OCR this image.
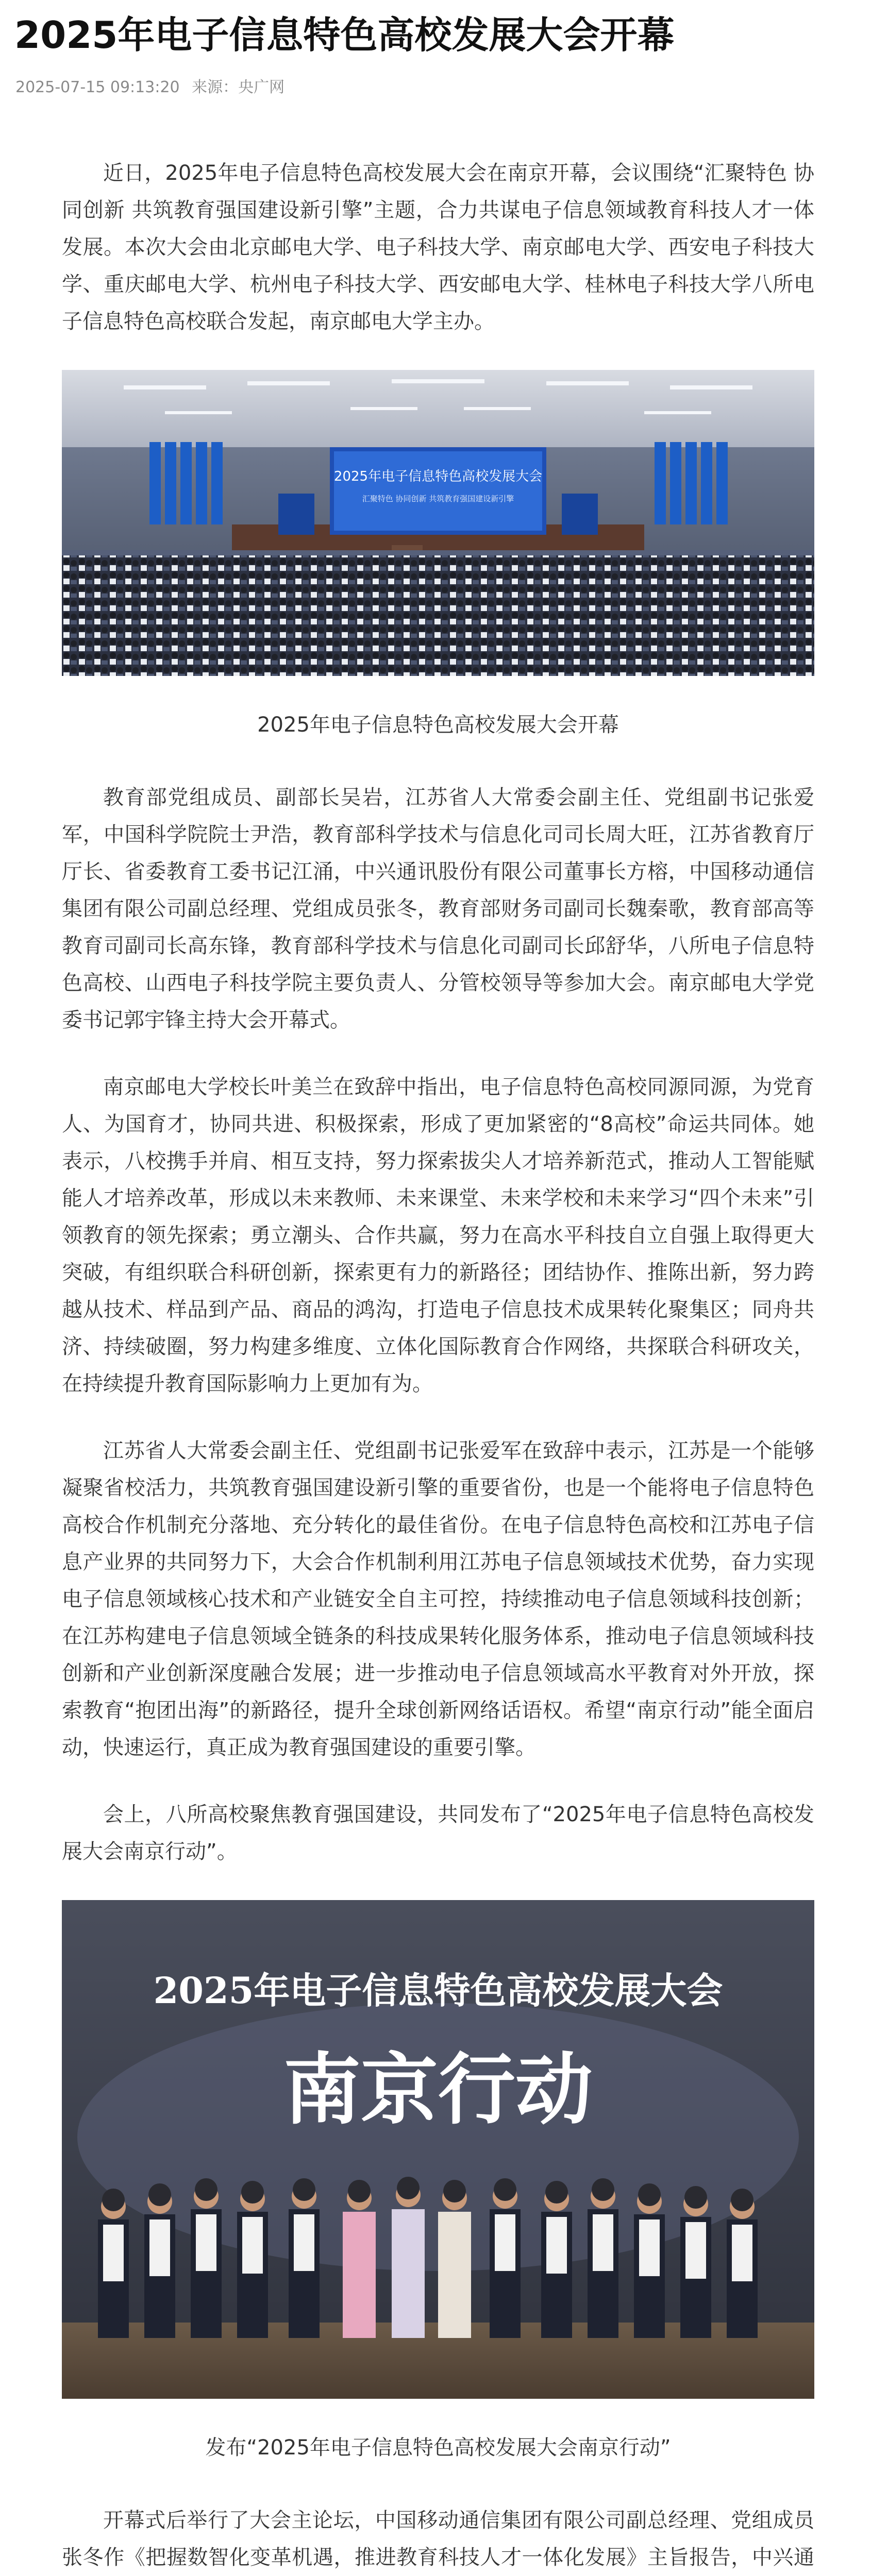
2025年电子信息特色高校发展大会开幕
2025-07-15 09:13:20 来源：央广网

近日，2025年电子信息特色高校发展大会在南京开幕，会议围绕“汇聚特色 协同创新 共筑教育强国建设新引擎”主题，合力共谋电子信息领域教育科技人才一体发展。本次大会由北京邮电大学、电子科技大学、南京邮电大学、西安电子科技大学、重庆邮电大学、杭州电子科技大学、西安邮电大学、桂林电子科技大学八所电子信息特色高校联合发起，南京邮电大学主办。

2025年电子信息特色高校发展大会
汇聚特色 协同创新 共筑教育强国建设新引擎
2025年电子信息特色高校发展大会开幕

教育部党组成员、副部长吴岩，江苏省人大常委会副主任、党组副书记张爱军，中国科学院院士尹浩，教育部科学技术与信息化司司长周大旺，江苏省教育厅厅长、省委教育工委书记江涌，中兴通讯股份有限公司董事长方榕，中国移动通信集团有限公司副总经理、党组成员张冬，教育部财务司副司长魏秦歌，教育部高等教育司副司长高东锋，教育部科学技术与信息化司副司长邱舒华，八所电子信息特色高校、山西电子科技学院主要负责人、分管校领导等参加大会。南京邮电大学党委书记郭宇锋主持大会开幕式。

南京邮电大学校长叶美兰在致辞中指出，电子信息特色高校同源同源，为党育人、为国育才，协同共进、积极探索，形成了更加紧密的“8高校”命运共同体。她表示，八校携手并肩、相互支持，努力探索拔尖人才培养新范式，推动人工智能赋能人才培养改革，形成以未来教师、未来课堂、未来学校和未来学习“四个未来”引领教育的领先探索；勇立潮头、合作共赢，努力在高水平科技自立自强上取得更大突破，有组织联合科研创新，探索更有力的新路径；团结协作、推陈出新，努力跨越从技术、样品到产品、商品的鸿沟，打造电子信息技术成果转化聚集区；同舟共济、持续破圈，努力构建多维度、立体化国际教育合作网络，共探联合科研攻关，在持续提升教育国际影响力上更加有为。

江苏省人大常委会副主任、党组副书记张爱军在致辞中表示，江苏是一个能够凝聚省校活力，共筑教育强国建设新引擎的重要省份，也是一个能将电子信息特色高校合作机制充分落地、充分转化的最佳省份。在电子信息特色高校和江苏电子信息产业界的共同努力下，大会合作机制利用江苏电子信息领域技术优势，奋力实现电子信息领域核心技术和产业链安全自主可控，持续推动电子信息领域科技创新；在江苏构建电子信息领域全链条的科技成果转化服务体系，推动电子信息领域科技创新和产业创新深度融合发展；进一步推动电子信息领域高水平教育对外开放，探索教育“抱团出海”的新路径，提升全球创新网络话语权。希望“南京行动”能全面启动，快速运行，真正成为教育强国建设的重要引擎。

会上，八所高校聚焦教育强国建设，共同发布了“2025年电子信息特色高校发展大会南京行动”。

2025年电子信息特色高校发展大会
南京行动
发布“2025年电子信息特色高校发展大会南京行动”

开幕式后举行了大会主论坛，中国移动通信集团有限公司副总经理、党组成员张冬作《把握数智化变革机遇，推进教育科技人才一体化发展》主旨报告，中兴通
